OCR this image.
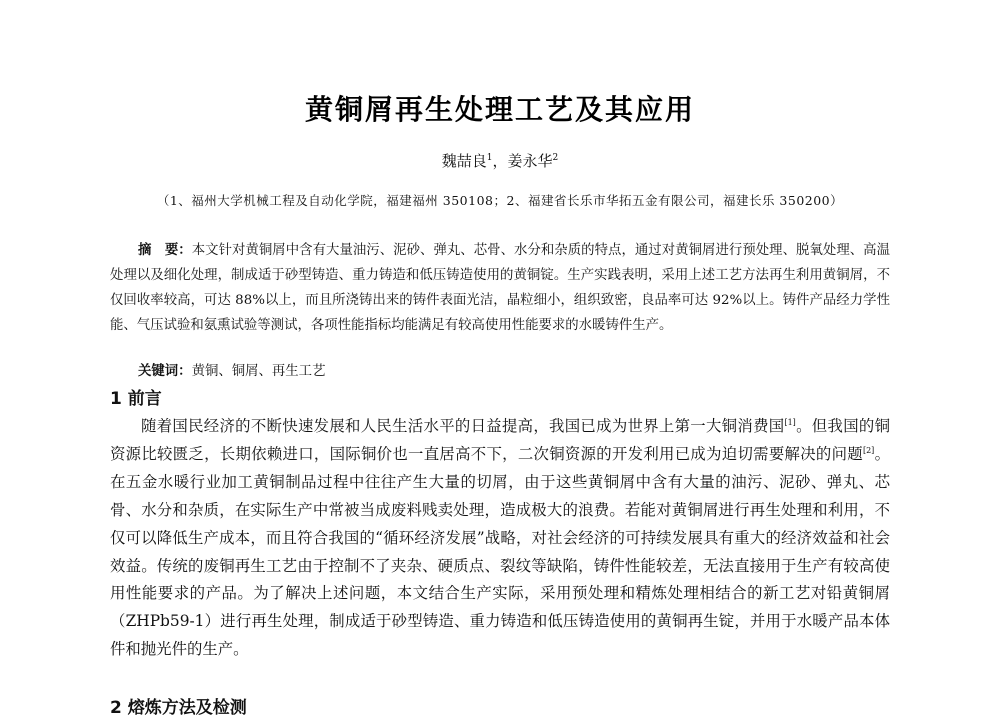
黄铜屑再生处理工艺及其应用
魏喆良$^1$，姜永华$^2$
（1、福州大学机械工程及自动化学院，福建福州 350108；2、福建省长乐市华拓五金有限公司，福建长乐 350200）
摘　要：本文针对黄铜屑中含有大量油污、泥砂、弹丸、芯骨、水分和杂质的特点，通过对黄铜屑进行预处理、脱氧处理、高温处理以及细化处理，制成适于砂型铸造、重力铸造和低压铸造使用的黄铜锭。生产实践表明，采用上述工艺方法再生利用黄铜屑，不仅回收率较高，可达 88%以上，而且所浇铸出来的铸件表面光洁，晶粒细小，组织致密，良品率可达 92%以上。铸件产品经力学性能、气压试验和氨熏试验等测试，各项性能指标均能满足有较高使用性能要求的水暖铸件生产。
关键词：黄铜、铜屑、再生工艺
1 前言
随着国民经济的不断快速发展和人民生活水平的日益提高，我国已成为世界上第一大铜消费国[1]。但我国的铜资源比较匮乏，长期依赖进口，国际铜价也一直居高不下，二次铜资源的开发利用已成为迫切需要解决的问题[2]。在五金水暖行业加工黄铜制品过程中往往产生大量的切屑，由于这些黄铜屑中含有大量的油污、泥砂、弹丸、芯骨、水分和杂质，在实际生产中常被当成废料贱卖处理，造成极大的浪费。若能对黄铜屑进行再生处理和利用，不仅可以降低生产成本，而且符合我国的“循环经济发展”战略，对社会经济的可持续发展具有重大的经济效益和社会效益。传统的废铜再生工艺由于控制不了夹杂、硬质点、裂纹等缺陷，铸件性能较差，无法直接用于生产有较高使用性能要求的产品。为了解决上述问题，本文结合生产实际，采用预处理和精炼处理相结合的新工艺对铅黄铜屑（ZHPb59-1）进行再生处理，制成适于砂型铸造、重力铸造和低压铸造使用的黄铜再生锭，并用于水暖产品本体件和抛光件的生产。
2 熔炼方法及检测
